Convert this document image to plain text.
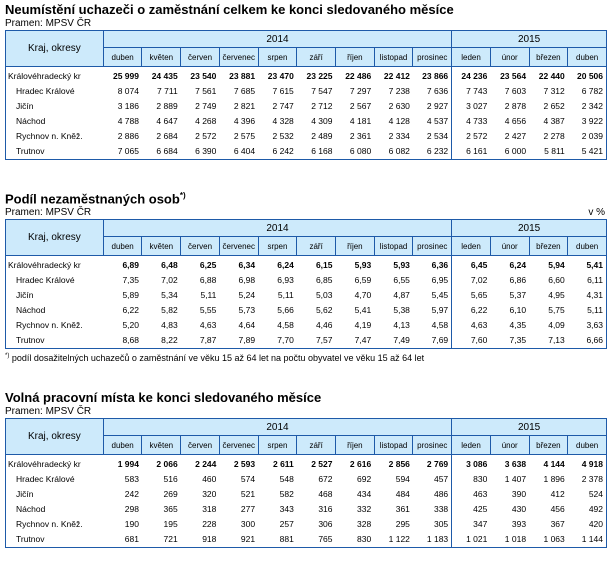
Neumístění uchazeči o zaměstnání celkem ke konci sledovaného měsíce

Pramen: MPSV ČR
Kraj, okresy	2014									2015			
	duben	květen	červen	červenec	srpen	září	říjen	listopad	prosinec	leden	únor	březen	duben
Královéhradecký kr	25 999	24 435	23 540	23 881	23 470	23 225	22 486	22 412	23 866	24 236	23 564	22 440	20 506
Hradec Králové	8 074	7 711	7 561	7 685	7 615	7 547	7 297	7 238	7 636	7 743	7 603	7 312	6 782
Jičín	3 186	2 889	2 749	2 821	2 747	2 712	2 567	2 630	2 927	3 027	2 878	2 652	2 342
Náchod	4 788	4 647	4 268	4 396	4 328	4 309	4 181	4 128	4 537	4 733	4 656	4 387	3 922
Rychnov n. Kněž.	2 886	2 684	2 572	2 575	2 532	2 489	2 361	2 334	2 534	2 572	2 427	2 278	2 039
Trutnov	7 065	6 684	6 390	6 404	6 242	6 168	6 080	6 082	6 232	6 161	6 000	5 811	5 421

Podíl nezaměstnaných osob*)

Pramen: MPSV ČR	v %
Kraj, okresy	2014									2015			
	duben	květen	červen	červenec	srpen	září	říjen	listopad	prosinec	leden	únor	březen	duben
Královéhradecký kr	6,89	6,48	6,25	6,34	6,24	6,15	5,93	5,93	6,36	6,45	6,24	5,94	5,41
Hradec Králové	7,35	7,02	6,88	6,98	6,93	6,85	6,59	6,55	6,95	7,02	6,86	6,60	6,11
Jičín	5,89	5,34	5,11	5,24	5,11	5,03	4,70	4,87	5,45	5,65	5,37	4,95	4,31
Náchod	6,22	5,82	5,55	5,73	5,66	5,62	5,41	5,38	5,97	6,22	6,10	5,75	5,11
Rychnov n. Kněž.	5,20	4,83	4,63	4,64	4,58	4,46	4,19	4,13	4,58	4,63	4,35	4,09	3,63
Trutnov	8,68	8,22	7,87	7,89	7,70	7,57	7,47	7,49	7,69	7,60	7,35	7,13	6,66
*) podíl dosažitelných uchazečů o zaměstnání ve věku 15 až 64 let na počtu obyvatel ve věku 15 až 64 let

Volná pracovní místa ke konci sledovaného měsíce

Pramen: MPSV ČR
Kraj, okresy	2014									2015			
	duben	květen	červen	červenec	srpen	září	říjen	listopad	prosinec	leden	únor	březen	duben
Královéhradecký kr	1 994	2 066	2 244	2 593	2 611	2 527	2 616	2 856	2 769	3 086	3 638	4 144	4 918
Hradec Králové	583	516	460	574	548	672	692	594	457	830	1 407	1 896	2 378
Jičín	242	269	320	521	582	468	434	484	486	463	390	412	524
Náchod	298	365	318	277	343	316	332	361	338	425	430	456	492
Rychnov n. Kněž.	190	195	228	300	257	306	328	295	305	347	393	367	420
Trutnov	681	721	918	921	881	765	830	1 122	1 183	1 021	1 018	1 063	1 144
